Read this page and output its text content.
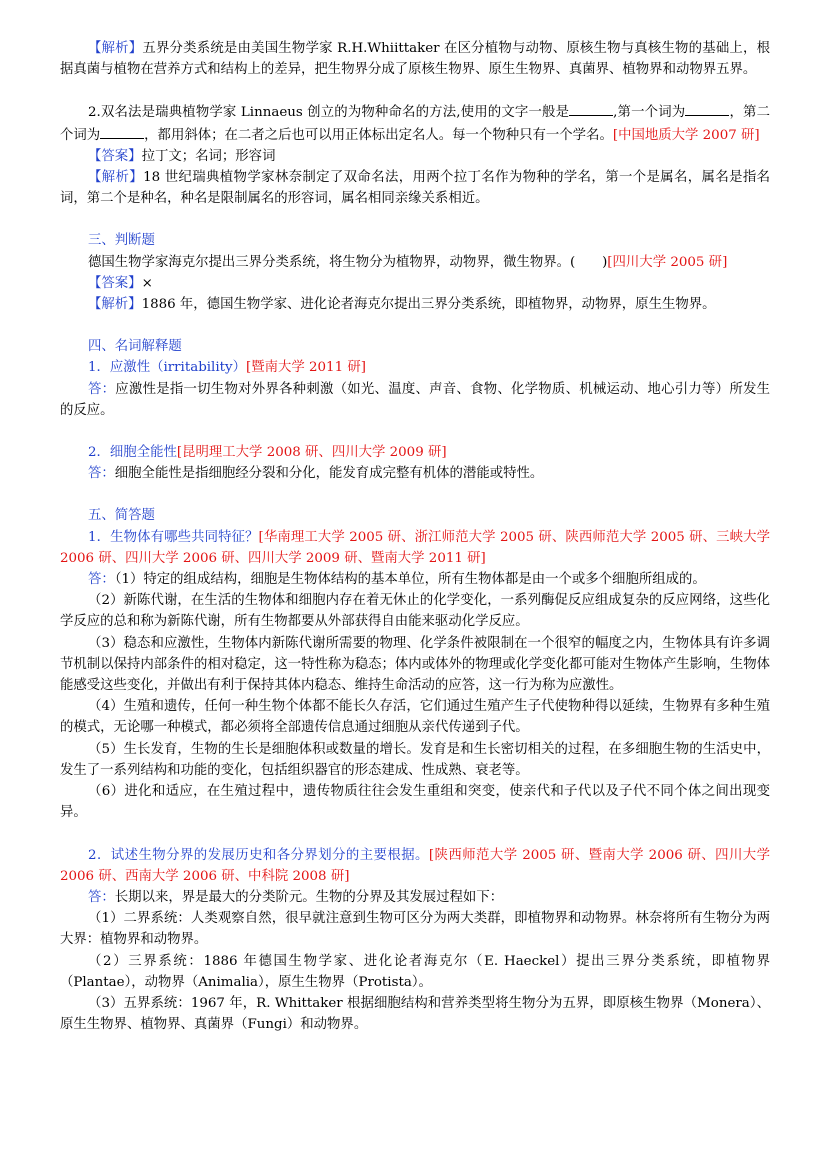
【解析】五界分类系统是由美国生物学家 R.H.Whiittaker 在区分植物与动物、原核生物与真核生物的基础上，根据真菌与植物在营养方式和结构上的差异，把生物界分成了原核生物界、原生生物界、真菌界、植物界和动物界五界。

2.双名法是瑞典植物学家 Linnaeus 创立的为物种命名的方法,使用的文字一般是	,第一个词为	，第二个词为	，都用斜体；在二者之后也可以用正体标出定名人。每一个物种只有一个学名。[中国地质大学 2007 研]

【答案】拉丁文；名词；形容词

【解析】18 世纪瑞典植物学家林奈制定了双命名法，用两个拉丁名作为物种的学名，第一个是属名，属名是指名词，第二个是种名，种名是限制属名的形容词，属名相同亲缘关系相近。

三、判断题

德国生物学家海克尔提出三界分类系统，将生物分为植物界，动物界，微生物界。(　　)[四川大学 2005 研]

【答案】×

【解析】1886 年，德国生物学家、进化论者海克尔提出三界分类系统，即植物界，动物界，原生生物界。

四、名词解释题

1．应激性（irritability）[暨南大学 2011 研]

答：应激性是指一切生物对外界各种刺激（如光、温度、声音、食物、化学物质、机械运动、地心引力等）所发生的反应。

2．细胞全能性[昆明理工大学 2008 研、四川大学 2009 研]

答：细胞全能性是指细胞经分裂和分化，能发育成完整有机体的潜能或特性。

五、简答题

1．生物体有哪些共同特征？[华南理工大学 2005 研、浙江师范大学 2005 研、陕西师范大学 2005 研、三峡大学 2006 研、四川大学 2006 研、四川大学 2009 研、暨南大学 2011 研]

答：（1）特定的组成结构，细胞是生物体结构的基本单位，所有生物体都是由一个或多个细胞所组成的。

（2）新陈代谢，在生活的生物体和细胞内存在着无休止的化学变化，一系列酶促反应组成复杂的反应网络，这些化学反应的总和称为新陈代谢，所有生物都要从外部获得自由能来驱动化学反应。

（3）稳态和应激性，生物体内新陈代谢所需要的物理、化学条件被限制在一个很窄的幅度之内，生物体具有许多调节机制以保持内部条件的相对稳定，这一特性称为稳态；体内或体外的物理或化学变化都可能对生物体产生影响，生物体能感受这些变化，并做出有利于保持其体内稳态、维持生命活动的应答，这一行为称为应激性。

（4）生殖和遗传，任何一种生物个体都不能长久存活，它们通过生殖产生子代使物种得以延续，生物界有多种生殖的模式，无论哪一种模式，都必须将全部遗传信息通过细胞从亲代传递到子代。

（5）生长发育，生物的生长是细胞体积或数量的增长。发育是和生长密切相关的过程，在多细胞生物的生活史中，发生了一系列结构和功能的变化，包括组织器官的形态建成、性成熟、衰老等。

（6）进化和适应，在生殖过程中，遗传物质往往会发生重组和突变，使亲代和子代以及子代不同个体之间出现变异。

2．试述生物分界的发展历史和各分界划分的主要根据。[陕西师范大学 2005 研、暨南大学 2006 研、四川大学 2006 研、西南大学 2006 研、中科院 2008 研]

答：长期以来，界是最大的分类阶元。生物的分界及其发展过程如下：

（1）二界系统：人类观察自然，很早就注意到生物可区分为两大类群，即植物界和动物界。林奈将所有生物分为两大界：植物界和动物界。

（2）三界系统：1886 年德国生物学家、进化论者海克尔（E. Haeckel）提出三界分类系统，即植物界（Plantae），动物界（Animalia），原生生物界（Protista）。

（3）五界系统：1967 年，R. Whittaker 根据细胞结构和营养类型将生物分为五界，即原核生物界（Monera）、原生生物界、植物界、真菌界（Fungi）和动物界。
